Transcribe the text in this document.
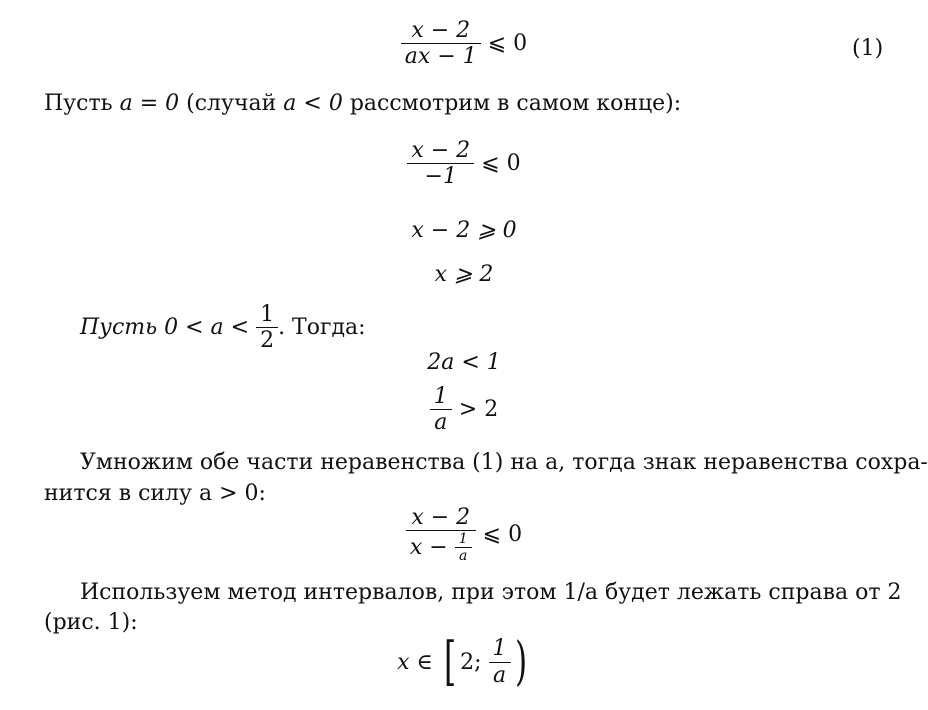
$\frac{x - 2}{ax - 1}$ ⩽ 0	(1)
Пусть a = 0 (случай a < 0 рассмотрим в самом конце):
$\frac{x - 2}{-1}$ ⩽ 0
x − 2 ⩾ 0
x ⩾ 2
Пусть $0 < a < \frac{1}{2}$ . Тогда:
2a < 1
$\frac{1}{a} > 2$
Умножим обе части неравенства (1) на a, тогда знак неравенства сохра-
нится в силу a > 0:
$\frac{x - 2}{x - \frac{1}{a}}$ ⩽ 0
Используем метод интервалов, при этом 1/a будет лежать справа от 2
(рис. 1):
x ∈ [ 2; $\frac{1}{a}$ )
